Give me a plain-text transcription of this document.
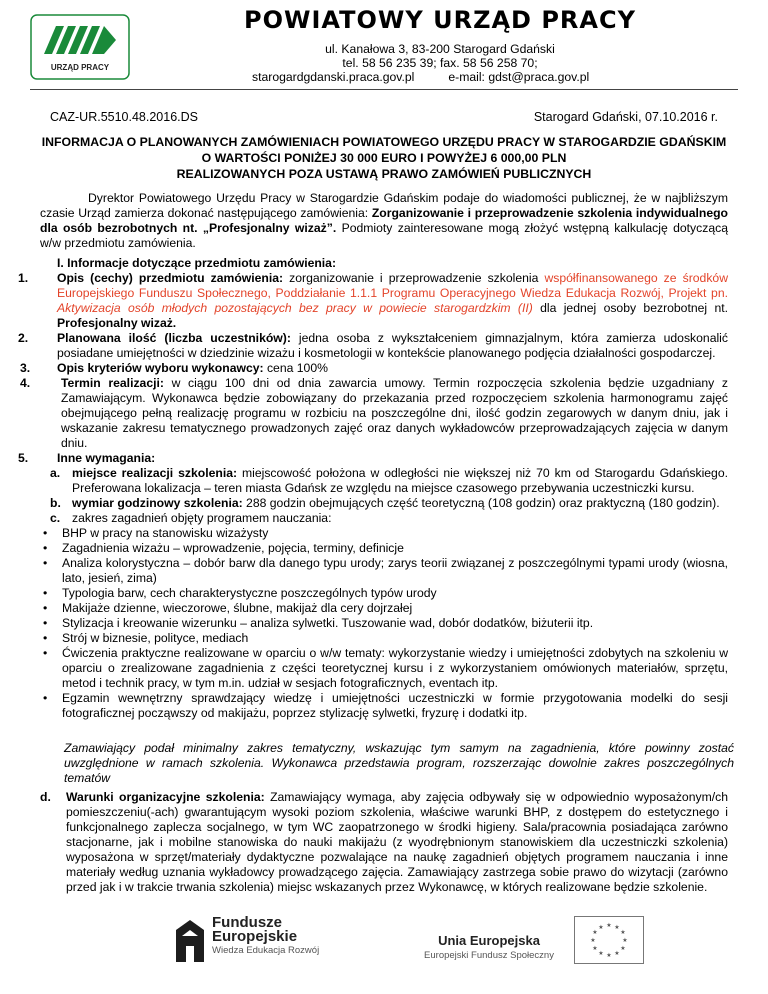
URZĄD PRACY
POWIATOWY URZĄD PRACY
ul. Kanałowa 3, 83-200 Starogard Gdański
tel. 58 56 235 39; fax. 58 56 258 70;
starogardgdanski.praca.gov.pl	e-mail: gdst@praca.gov.pl
CAZ-UR.5510.48.2016.DS	Starogard Gdański, 07.10.2016 r.
INFORMACJA O PLANOWANYCH ZAMÓWIENIACH POWIATOWEGO URZĘDU PRACY W STAROGARDZIE GDAŃSKIM
O WARTOŚCI PONIŻEJ 30 000 EURO I POWYŻEJ 6 000,00 PLN
REALIZOWANYCH POZA USTAWĄ PRAWO ZAMÓWIEŃ PUBLICZNYCH
Dyrektor Powiatowego Urzędu Pracy w Starogardzie Gdańskim podaje do wiadomości publicznej, że w najbliższym czasie Urząd zamierza dokonać następującego zamówienia: Zorganizowanie i przeprowadzenie szkolenia indywidualnego dla osób bezrobotnych nt. „Profesjonalny wizaż”. Podmioty zainteresowane mogą złożyć wstępną kalkulację dotyczącą w/w przedmiotu zamówienia.
I. Informacje dotyczące przedmiotu zamówienia:
1. Opis (cechy) przedmiotu zamówienia: zorganizowanie i przeprowadzenie szkolenia współfinansowanego ze środków Europejskiego Funduszu Społecznego, Poddziałanie 1.1.1 Programu Operacyjnego Wiedza Edukacja Rozwój, Projekt pn. Aktywizacja osób młodych pozostających bez pracy w powiecie starogardzkim (II) dla jednej osoby bezrobotnej nt. Profesjonalny wizaż.
2. Planowana ilość (liczba uczestników): jedna osoba z wykształceniem gimnazjalnym, która zamierza udoskonalić posiadane umiejętności w dziedzinie wizażu i kosmetologii w kontekście planowanego podjęcia działalności gospodarczej.
3. Opis kryteriów wyboru wykonawcy: cena 100%
4.	Termin realizacji: w ciągu 100 dni od dnia zawarcia umowy. Termin rozpoczęcia szkolenia będzie uzgadniany z Zamawiającym. Wykonawca będzie zobowiązany do przekazania przed rozpoczęciem szkolenia harmonogramu zajęć obejmującego pełną realizację programu w rozbiciu na poszczególne dni, ilość godzin zegarowych w danym dniu, jak i wskazanie zakresu tematycznego prowadzonych zajęć oraz danych wykładowców przeprowadzających zajęcia w danym dniu.
5. Inne wymagania:
a. miejsce realizacji szkolenia: miejscowość położona w odległości nie większej niż 70 km od Starogardu Gdańskiego. Preferowana lokalizacja – teren miasta Gdańsk ze względu na miejsce czasowego przebywania uczestniczki kursu.
b. wymiar godzinowy szkolenia: 288 godzin obejmujących część teoretyczną (108 godzin) oraz praktyczną (180 godzin).
c. zakres zagadnień objęty programem nauczania:
• BHP w pracy na stanowisku wizażysty
• Zagadnienia wizażu – wprowadzenie, pojęcia, terminy, definicje
• Analiza kolorystyczna – dobór barw dla danego typu urody; zarys teorii związanej z poszczególnymi typami urody (wiosna, lato, jesień, zima)
• Typologia barw, cech charakterystyczne poszczególnych typów urody
• Makijaże dzienne, wieczorowe, ślubne, makijaż dla cery dojrzałej
• Stylizacja i kreowanie wizerunku – analiza sylwetki. Tuszowanie wad, dobór dodatków, biżuterii itp.
• Strój w biznesie, polityce, mediach
• Ćwiczenia praktyczne realizowane w oparciu o w/w tematy: wykorzystanie wiedzy i umiejętności zdobytych na szkoleniu w oparciu o zrealizowane zagadnienia z części teoretycznej kursu i z wykorzystaniem omówionych materiałów, sprzętu, metod i technik pracy, w tym m.in. udział w sesjach fotograficznych, eventach itp.
• Egzamin wewnętrzny sprawdzający wiedzę i umiejętności uczestniczki w formie przygotowania modelki do sesji fotograficznej począwszy od makijażu, poprzez stylizację sylwetki, fryzurę i dodatki itp.
Zamawiający podał minimalny zakres tematyczny, wskazując tym samym na zagadnienia, które powinny zostać uwzględnione w ramach szkolenia. Wykonawca przedstawia program, rozszerzając dowolnie zakres poszczególnych tematów
d. Warunki organizacyjne szkolenia: Zamawiający wymaga, aby zajęcia odbywały się w odpowiednio wyposażonym/ch pomieszczeniu(-ach) gwarantującym wysoki poziom szkolenia, właściwe warunki BHP, z dostępem do estetycznego i funkcjonalnego zaplecza socjalnego, w tym WC zaopatrzonego w środki higieny. Sala/pracownia posiadająca zarówno stacjonarne, jak i mobilne stanowiska do nauki makijażu (z wyodrębnionym stanowiskiem dla uczestniczki szkolenia) wyposażona w sprzęt/materiały dydaktyczne pozwalające na naukę zagadnień objętych programem nauczania i inne materiały według uznania wykładowcy prowadzącego zajęcia. Zamawiający zastrzega sobie prawo do wizytacji (zarówno przed jak i w trakcie trwania szkolenia) miejsc wskazanych przez Wykonawcę, w których realizowane będzie szkolenie.
Fundusze
Europejskie
Wiedza Edukacja Rozwój
Unia Europejska
Europejski Fundusz Społeczny
★ ★
★
★
★
★
★
★
★
★
★
★
